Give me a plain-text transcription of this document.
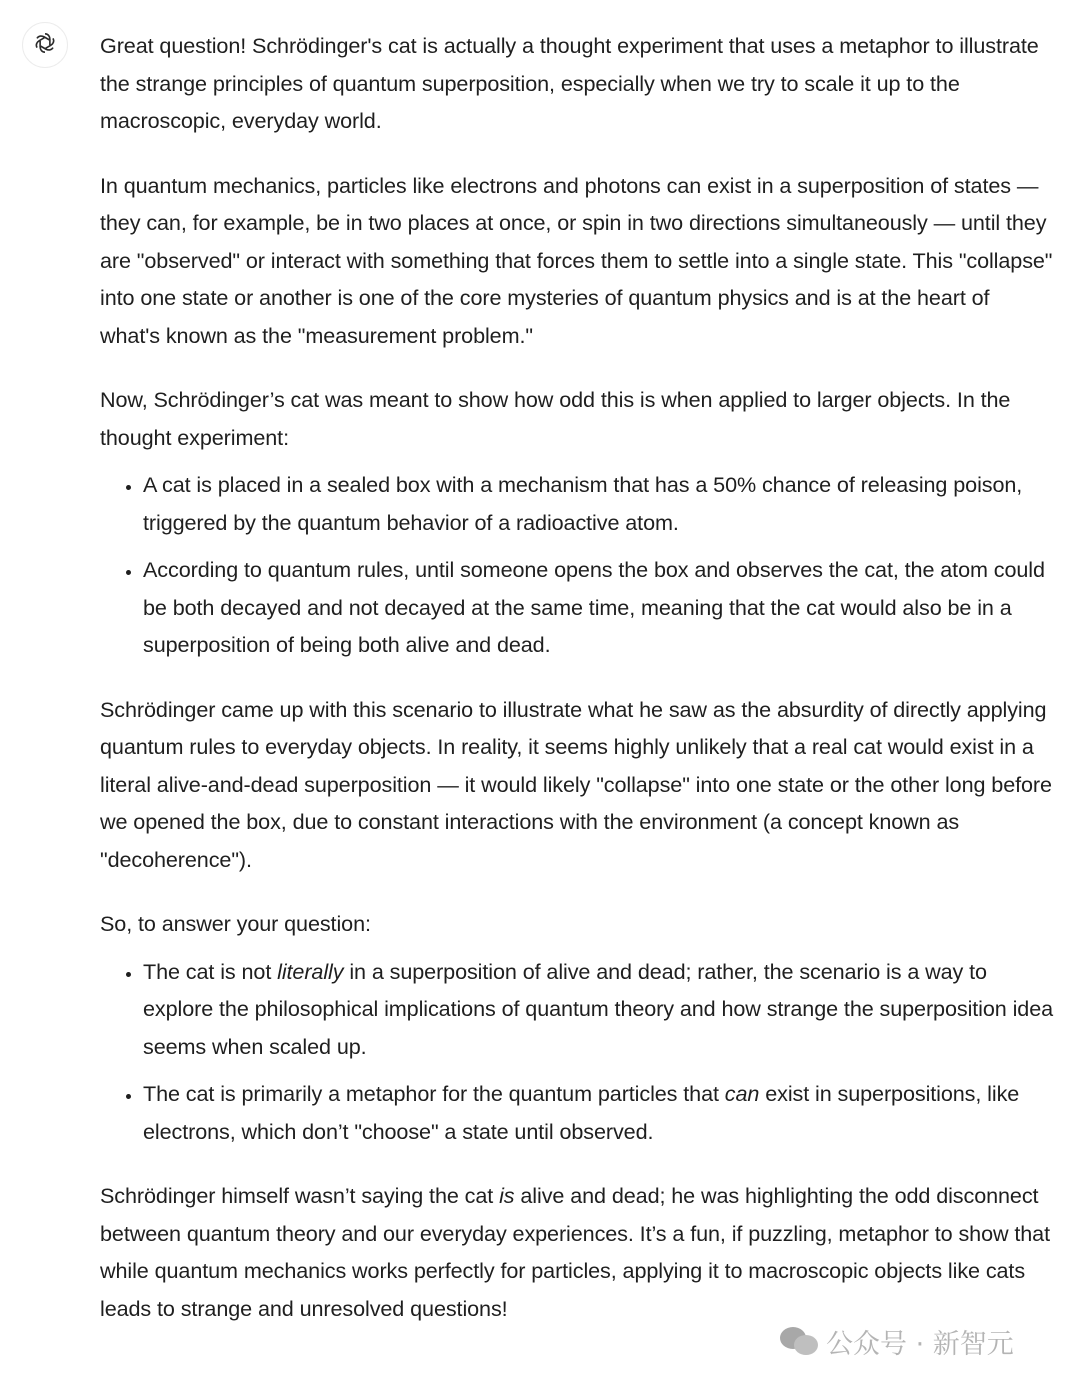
Great question! Schrödinger's cat is actually a thought experiment that uses a metaphor to illustrate the strange principles of quantum superposition, especially when we try to scale it up to the macroscopic, everyday world.

In quantum mechanics, particles like electrons and photons can exist in a superposition of states — they can, for example, be in two places at once, or spin in two directions simultaneously — until they are "observed" or interact with something that forces them to settle into a single state. This "collapse" into one state or another is one of the core mysteries of quantum physics and is at the heart of what's known as the "measurement problem."

Now, Schrödinger’s cat was meant to show how odd this is when applied to larger objects. In the thought experiment:

• A cat is placed in a sealed box with a mechanism that has a 50% chance of releasing poison, triggered by the quantum behavior of a radioactive atom.
• According to quantum rules, until someone opens the box and observes the cat, the atom could be both decayed and not decayed at the same time, meaning that the cat would also be in a superposition of being both alive and dead.

Schrödinger came up with this scenario to illustrate what he saw as the absurdity of directly applying quantum rules to everyday objects. In reality, it seems highly unlikely that a real cat would exist in a literal alive-and-dead superposition — it would likely "collapse" into one state or the other long before we opened the box, due to constant interactions with the environment (a concept known as "decoherence").

So, to answer your question:

• The cat is not literally in a superposition of alive and dead; rather, the scenario is a way to explore the philosophical implications of quantum theory and how strange the superposition idea seems when scaled up.
• The cat is primarily a metaphor for the quantum particles that can exist in superpositions, like electrons, which don’t "choose" a state until observed.

Schrödinger himself wasn’t saying the cat is alive and dead; he was highlighting the odd disconnect between quantum theory and our everyday experiences. It’s a fun, if puzzling, metaphor to show that while quantum mechanics works perfectly for particles, applying it to macroscopic objects like cats leads to strange and unresolved questions!

公众号 · 新智元
